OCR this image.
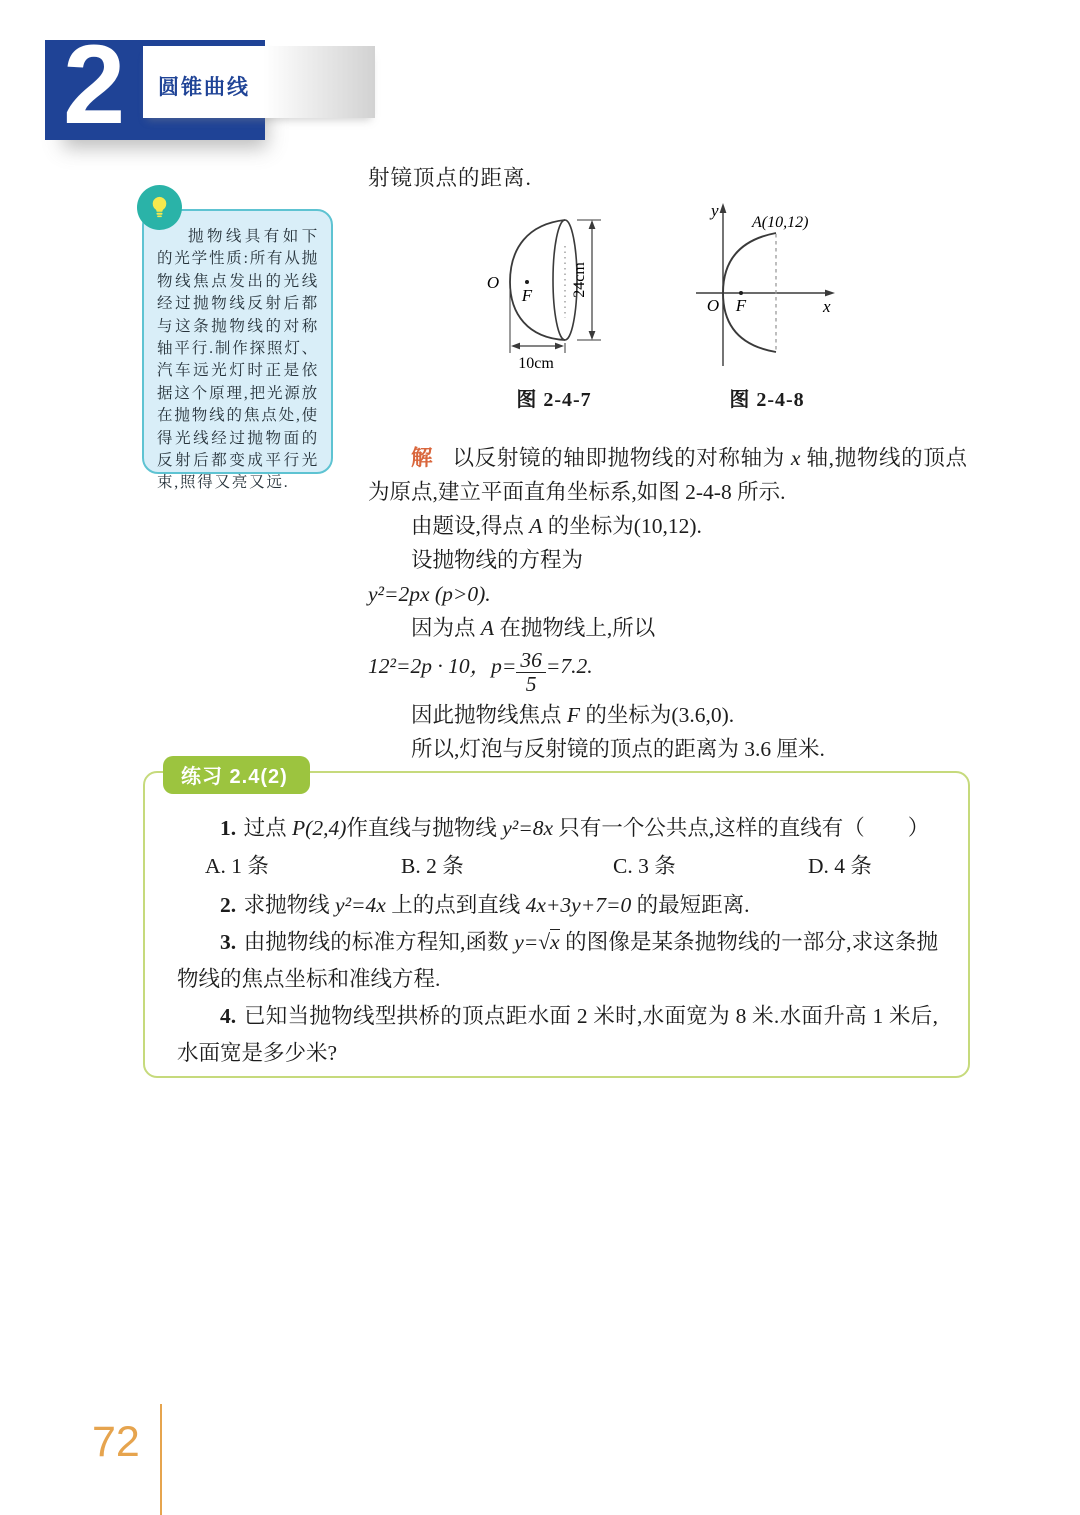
2	圆锥曲线

抛物线具有如下的光学性质:所有从抛物线焦点发出的光线经过抛物线反射后都与这条抛物线的对称轴平行.制作探照灯、汽车远光灯时正是依据这个原理,把光源放在抛物线的焦点处,使得光线经过抛物面的反射后都变成平行光束,照得又亮又远.

射镜顶点的距离.
24cm
10cm
O
F
图 2-4-7
y
x
F
O
A(10,12)
图 2-4-8

解 以反射镜的轴即抛物线的对称轴为 x 轴,抛物线的顶点为原点,建立平面直角坐标系,如图 2-4-8 所示.

由题设,得点 A 的坐标为(10,12).

设抛物线的方程为

y²=2px (p>0).

因为点 A 在抛物线上,所以

12²=2p · 10，$p= \frac{36}{5} =7.2$.

因此抛物线焦点 F 的坐标为(3.6,0).

所以,灯泡与反射镜的顶点的距离为 3.6 厘米.

练习 2.4(2)

1. 过点 P(2,4)作直线与抛物线 y²=8x 只有一个公共点,这样的直线有（　　）

A. 1 条	B. 2 条	C. 3 条	D. 4 条

2. 求抛物线 y²=4x 上的点到直线 4x+3y+7=0 的最短距离.

3. 由抛物线的标准方程知,函数 y=√x 的图像是某条抛物线的一部分,求这条抛物线的焦点坐标和准线方程.

4. 已知当抛物线型拱桥的顶点距水面 2 米时,水面宽为 8 米.水面升高 1 米后,水面宽是多少米?

72
